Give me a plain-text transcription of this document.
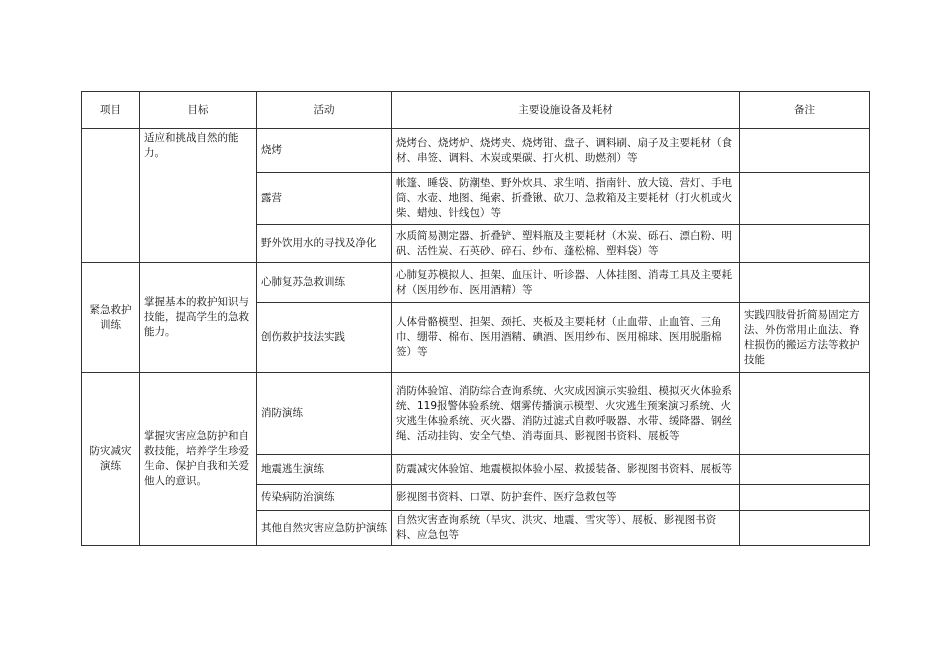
项目	目标	活动	主要设施设备及耗材	备注
	适应和挑战自然的能力。	烧烤	烧烤台、烧烤炉、烧烤夹、烧烤钳、盘子、调料刷、扇子及主要耗材（食材、串签、调料、木炭或栗碳、打火机、助燃剂）等	
		露营	帐篷、睡袋、防潮垫、野外炊具、求生哨、指南针、放大镜、营灯、手电筒、水壶、地图、绳索、折叠锹、砍刀、急救箱及主要耗材（打火机或火柴、蜡烛、针线包）等	
		野外饮用水的寻找及净化	水质简易测定器、折叠铲、塑料瓶及主要耗材（木炭、砾石、漂白粉、明矾、活性炭、石英砂、碎石、纱布、蓬松棉、塑料袋）等	
紧急救护训练	掌握基本的救护知识与技能，提高学生的急救能力。	心肺复苏急救训练	心肺复苏模拟人、担架、血压计、听诊器、人体挂图、消毒工具及主要耗材（医用纱布、医用酒精）等	
		创伤救护技法实践	人体骨骼模型、担架、颈托、夹板及主要耗材（止血带、止血管、三角巾、绷带、棉布、医用酒精、碘酒、医用纱布、医用棉球、医用脱脂棉签）等	实践四肢骨折简易固定方法、外伤常用止血法、脊柱损伤的搬运方法等救护技能
防灾减灾演练	掌握灾害应急防护和自救技能，培养学生珍爱生命、保护自我和关爱他人的意识。	消防演练	消防体验馆、消防综合查询系统、火灾成因演示实验组、模拟灭火体验系统、119报警体验系统、烟雾传播演示模型、火灾逃生预案演习系统、火灾逃生体验系统、灭火器、消防过滤式自救呼吸器、水带、缓降器、钢丝绳、活动挂钩、安全气垫、消毒面具、影视图书资料、展板等	
		地震逃生演练	防震减灾体验馆、地震模拟体验小屋、救援装备、影视图书资料、展板等	
		传染病防治演练	影视图书资料、口罩、防护套件、医疗急救包等	
		其他自然灾害应急防护演练	自然灾害查询系统（旱灾、洪灾、地震、雪灾等）、展板、影视图书资料、应急包等	
